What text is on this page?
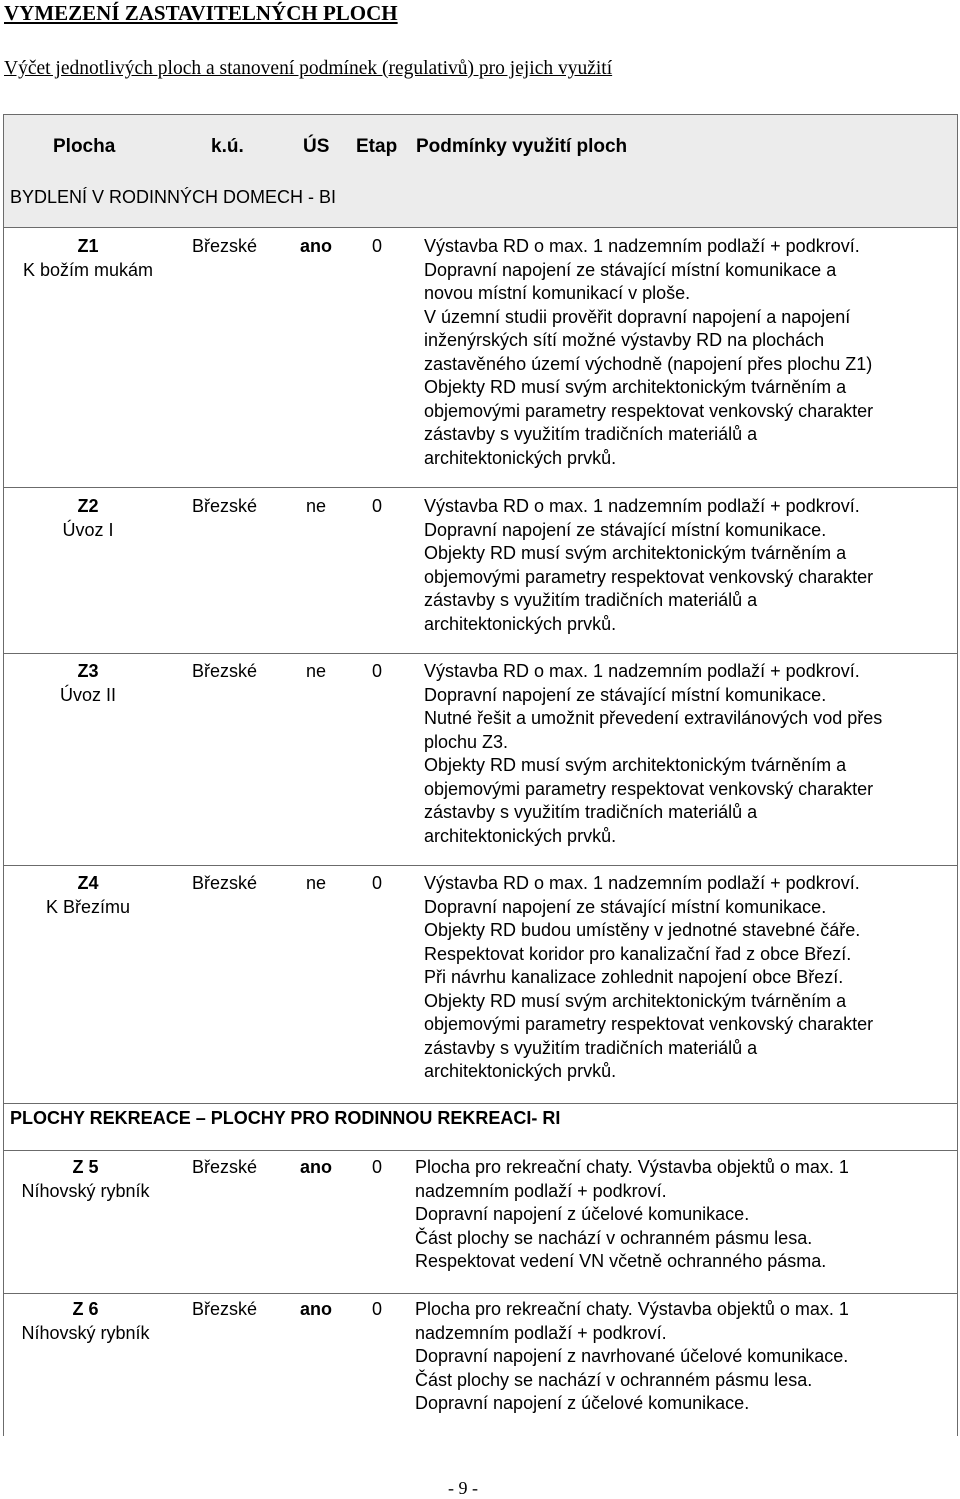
VYMEZENÍ ZASTAVITELNÝCH PLOCH
Výčet jednotlivých ploch a stanovení podmínek (regulativů) pro jejich využití
Plocha	k.ú.	ÚS Etap Podmínky využití ploch
BYDLENÍ V RODINNÝCH DOMECH - BI
Z1
K božím mukám
Březské ano 0 Výstavba RD o max. 1 nadzemním podlaží + podkroví.
Dopravní napojení ze stávající místní komunikace a
novou místní komunikací v ploše.
V územní studii prověřit dopravní napojení a napojení
inženýrských sítí možné výstavby RD na plochách
zastavěného území východně (napojení přes plochu Z1)
Objekty RD musí svým architektonickým tvárněním a
objemovými parametry respektovat venkovský charakter
zástavby s využitím tradičních materiálů a
architektonických prvků.
Z2
Úvoz I
Březské	ne	0 Výstavba RD o max. 1 nadzemním podlaží + podkroví.
Dopravní napojení ze stávající místní komunikace.
Objekty RD musí svým architektonickým tvárněním a
objemovými parametry respektovat venkovský charakter
zástavby s využitím tradičních materiálů a
architektonických prvků.
Z3
Úvoz II
Březské	ne	0 Výstavba RD o max. 1 nadzemním podlaží + podkroví.
Dopravní napojení ze stávající místní komunikace.
Nutné řešit a umožnit převedení extravilánových vod přes
plochu Z3.
Objekty RD musí svým architektonickým tvárněním a
objemovými parametry respektovat venkovský charakter
zástavby s využitím tradičních materiálů a
architektonických prvků.
Z4
K Březímu
Březské	ne	0 Výstavba RD o max. 1 nadzemním podlaží + podkroví.
Dopravní napojení ze stávající místní komunikace.
Objekty RD budou umístěny v jednotné stavebné čáře.
Respektovat koridor pro kanalizační řad z obce Březí.
Při návrhu kanalizace zohlednit napojení obce Březí.
Objekty RD musí svým architektonickým tvárněním a
objemovými parametry respektovat venkovský charakter
zástavby s využitím tradičních materiálů a
architektonických prvků.
PLOCHY REKREACE – PLOCHY PRO RODINNOU REKREACI- RI
Z 5
Níhovský rybník
Březské ano 0 Plocha pro rekreační chaty. Výstavba objektů o max. 1
nadzemním podlaží + podkroví.
Dopravní napojení z účelové komunikace.
Část plochy se nachází v ochranném pásmu lesa.
Respektovat vedení VN včetně ochranného pásma.
Z 6
Níhovský rybník
Březské ano 0 Plocha pro rekreační chaty. Výstavba objektů o max. 1
nadzemním podlaží + podkroví.
Dopravní napojení z navrhované účelové komunikace.
Část plochy se nachází v ochranném pásmu lesa.
Dopravní napojení z účelové komunikace.
- 9 -
